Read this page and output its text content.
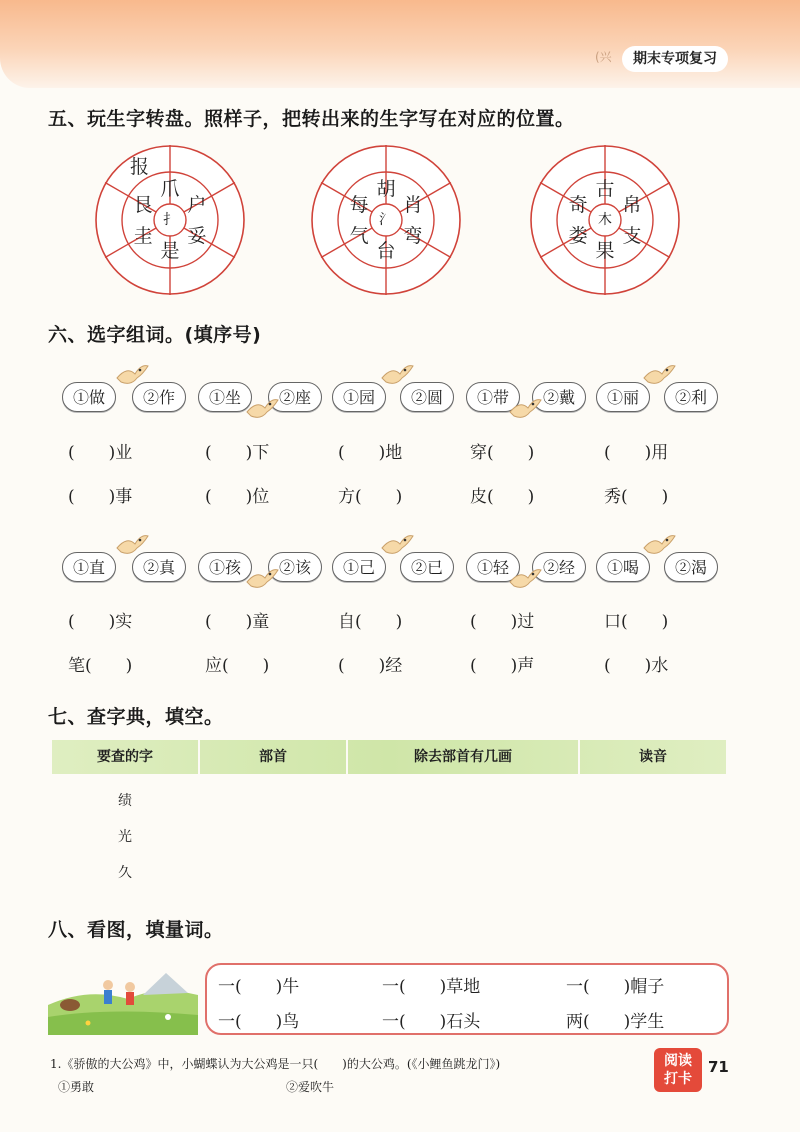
(兴	期末专项复习
五、玩生字转盘。照样子，把转出来的生字写在对应的位置。
扌
艮
爪
户
妥
是
圭
报
氵
每
胡
肖
弯
台
气
木
奇
古
帛
支
果
娄
六、选字组词。(填序号)
①做	②作	①坐	②座	①园	②圆	①带	②戴	①丽	②利
(　　)业	(　　)下	(　　)地	穿(　　)	(　　)用
(　　)事	(　　)位	方(　　)	皮(　　)	秀(　　)
①直	②真	①孩	②该	①己	②已	①轻	②经	①喝	②渴
(　　)实	(　　)童	自(　　)	(　　)过	口(　　)
笔(　　)	应(　　)	(　　)经	(　　)声	(　　)水
七、查字典，填空。
要查的字	部首	除去部首有几画	读音
绩
光
久
八、看图，填量词。
一(　　)牛	一(　　)草地	一(　　)帽子
一(　　)鸟	一(　　)石头	两(　　)学生
1.《骄傲的大公鸡》中，小蝴蝶认为大公鸡是一只(　　)的大公鸡。(《小鲤鱼跳龙门》)
①勇敢	②爱吹牛
阅读
打卡
71
